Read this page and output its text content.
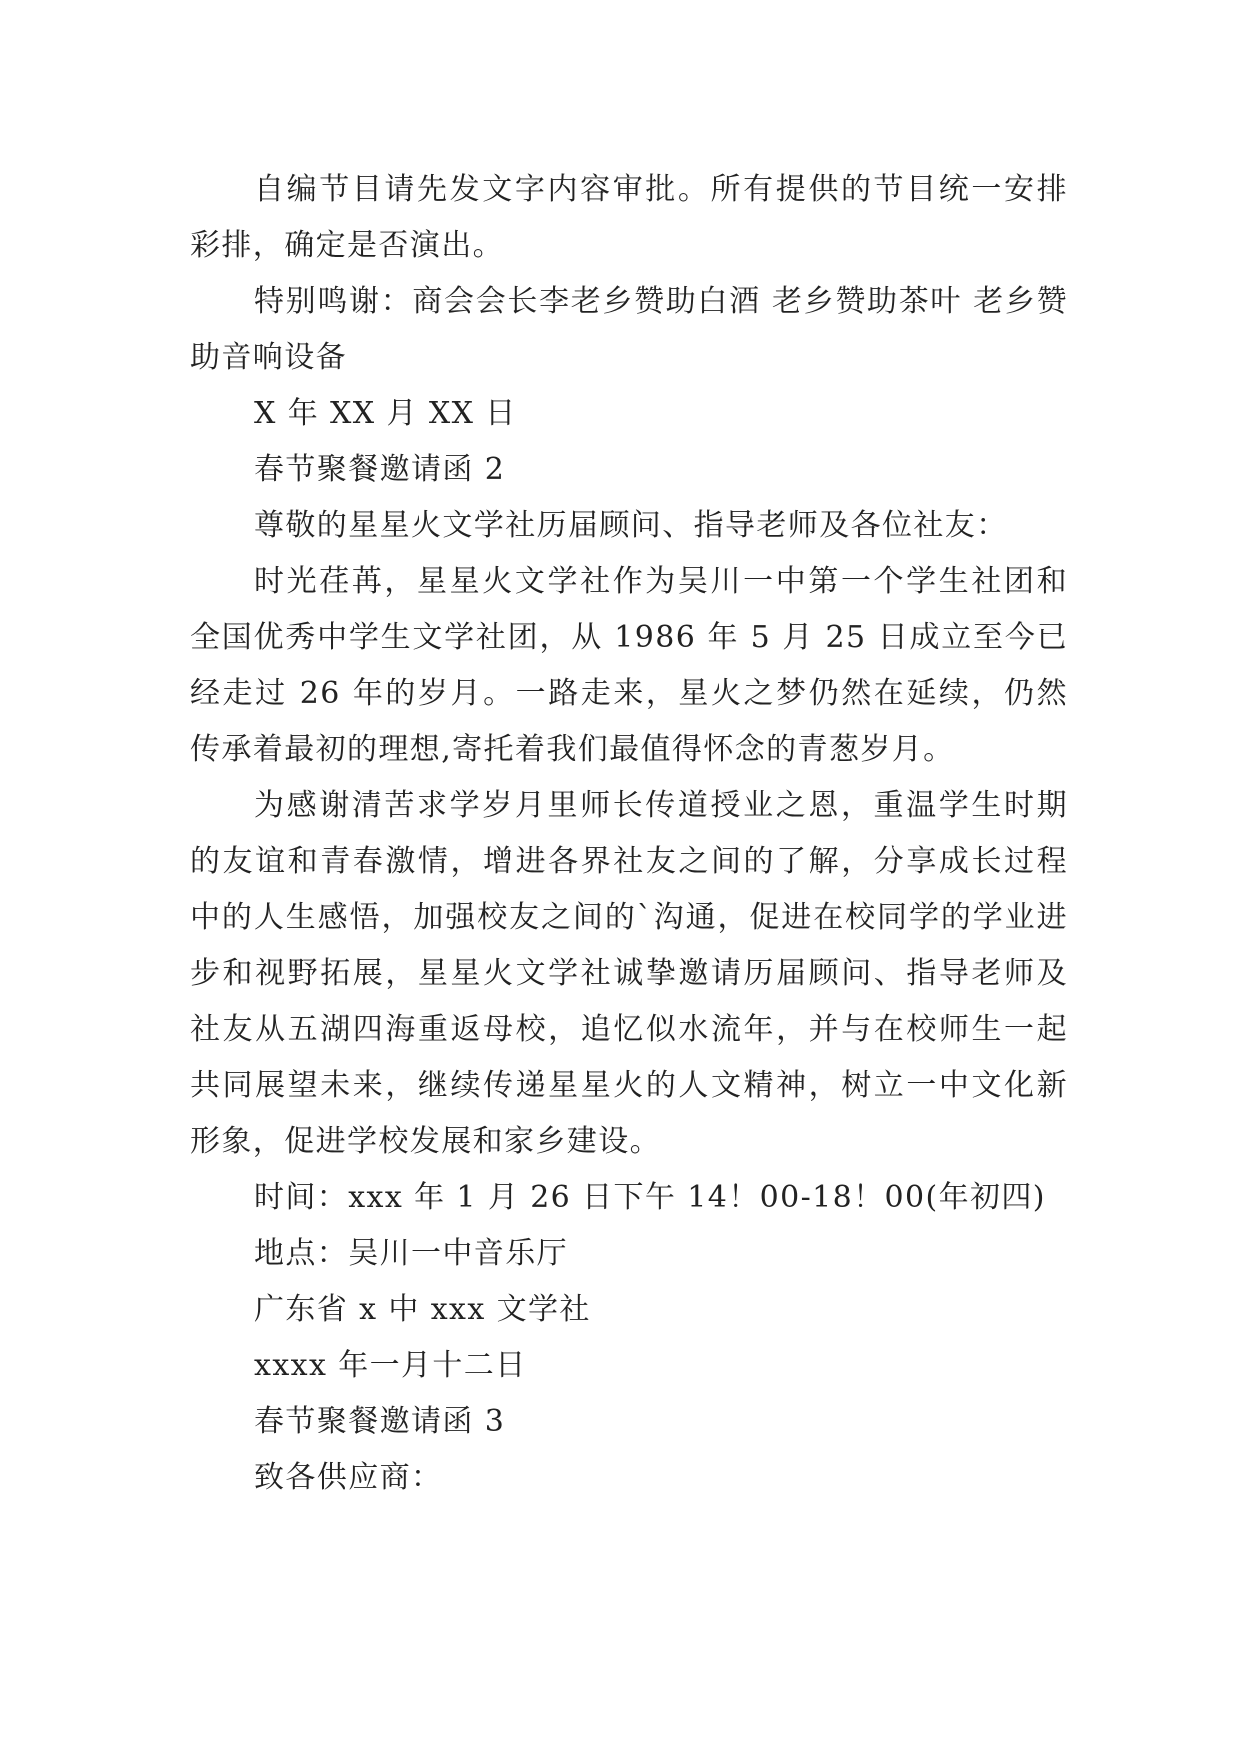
自编节目请先发文字内容审批。所有提供的节目统一安排彩排，确定是否演出。

特别鸣谢：商会会长李老乡赞助白酒 老乡赞助茶叶 老乡赞助音响设备

X 年 XX 月 XX 日

春节聚餐邀请函 2

尊敬的星星火文学社历届顾问、指导老师及各位社友：

时光荏苒，星星火文学社作为吴川一中第一个学生社团和全国优秀中学生文学社团，从 1986 年 5 月 25 日成立至今已经走过 26 年的岁月。一路走来，星火之梦仍然在延续，仍然传承着最初的理想,寄托着我们最值得怀念的青葱岁月。

为感谢清苦求学岁月里师长传道授业之恩，重温学生时期的友谊和青春激情，增进各界社友之间的了解，分享成长过程中的人生感悟，加强校友之间的`沟通，促进在校同学的学业进步和视野拓展，星星火文学社诚挚邀请历届顾问、指导老师及社友从五湖四海重返母校，追忆似水流年，并与在校师生一起共同展望未来，继续传递星星火的人文精神，树立一中文化新形象，促进学校发展和家乡建设。

时间：xxx 年 1 月 26 日下午 14！00-18！00(年初四)

地点：吴川一中音乐厅

广东省 x 中 xxx 文学社

xxxx 年一月十二日

春节聚餐邀请函 3

致各供应商：
